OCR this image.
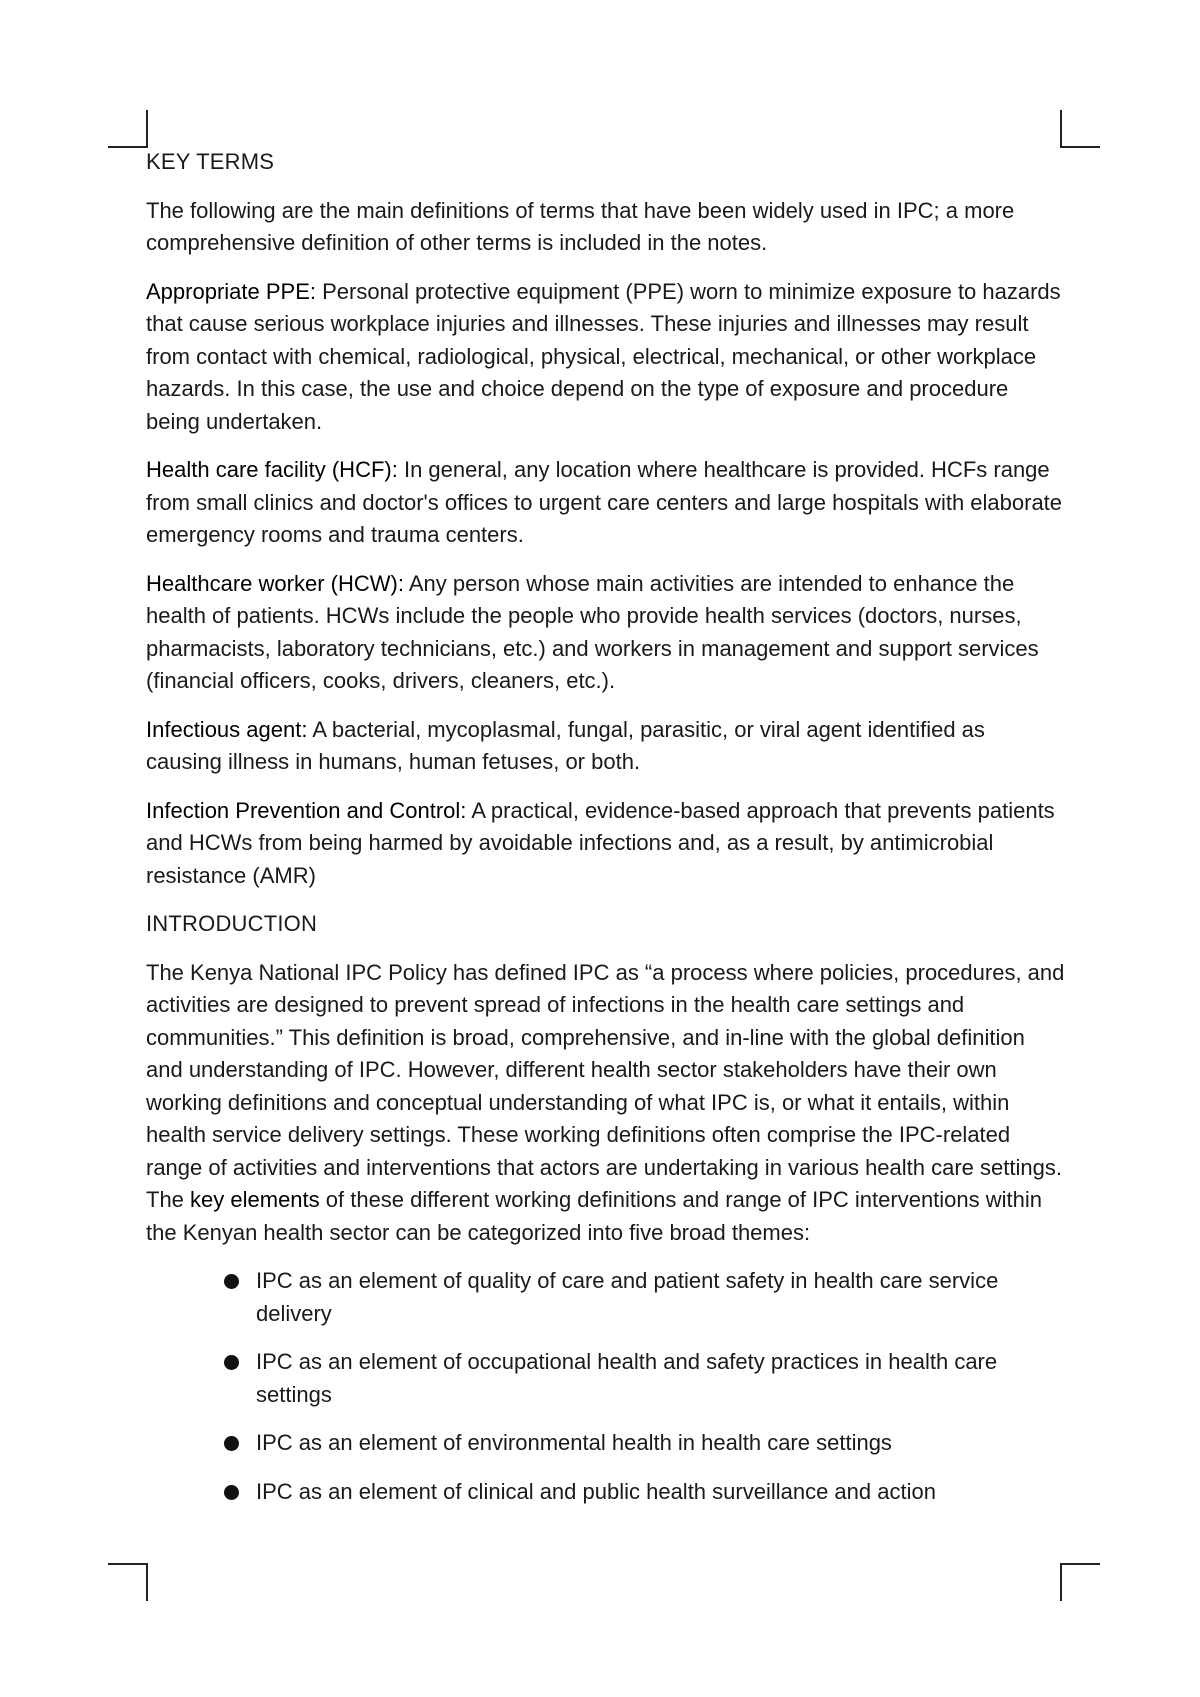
KEY TERMS

The following are the main definitions of terms that have been widely used in IPC; a more comprehensive definition of other terms is included in the notes.

Appropriate PPE: Personal protective equipment (PPE) worn to minimize exposure to hazards that cause serious workplace injuries and illnesses. These injuries and illnesses may result from contact with chemical, radiological, physical, electrical, mechanical, or other workplace hazards. In this case, the use and choice depend on the type of exposure and procedure being undertaken.

Health care facility (HCF): In general, any location where healthcare is provided. HCFs range from small clinics and doctor's offices to urgent care centers and large hospitals with elaborate emergency rooms and trauma centers.

Healthcare worker (HCW): Any person whose main activities are intended to enhance the health of patients. HCWs include the people who provide health services (doctors, nurses, pharmacists, laboratory technicians, etc.) and workers in management and support services (financial officers, cooks, drivers, cleaners, etc.).

Infectious agent: A bacterial, mycoplasmal, fungal, parasitic, or viral agent identified as causing illness in humans, human fetuses, or both.

Infection Prevention and Control: A practical, evidence-based approach that prevents patients and HCWs from being harmed by avoidable infections and, as a result, by antimicrobial resistance (AMR)

INTRODUCTION

The Kenya National IPC Policy has defined IPC as “a process where policies, procedures, and activities are designed to prevent spread of infections in the health care settings and communities.” This definition is broad, comprehensive, and in-line with the global definition and understanding of IPC. However, different health sector stakeholders have their own working definitions and conceptual understanding of what IPC is, or what it entails, within health service delivery settings. These working definitions often comprise the IPC-related range of activities and interventions that actors are undertaking in various health care settings. The key elements of these different working definitions and range of IPC interventions within the Kenyan health sector can be categorized into five broad themes:

IPC as an element of quality of care and patient safety in health care service delivery
IPC as an element of occupational health and safety practices in health care settings
IPC as an element of environmental health in health care settings
IPC as an element of clinical and public health surveillance and action
